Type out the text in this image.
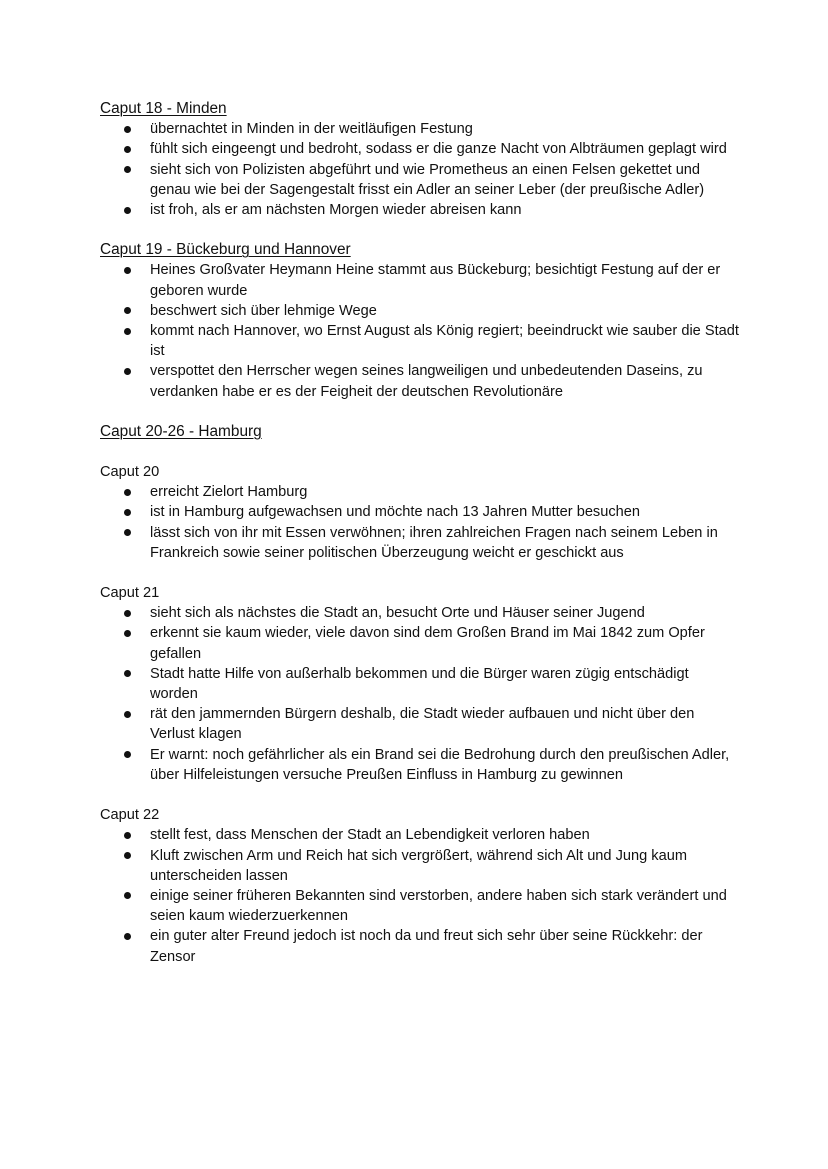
Caput 18 - Minden
übernachtet in Minden in der weitläufigen Festung
fühlt sich eingeengt und bedroht, sodass er die ganze Nacht von Albträumen geplagt wird
sieht sich von Polizisten abgeführt und wie Prometheus an einen Felsen gekettet und genau wie bei der Sagengestalt frisst ein Adler an seiner Leber (der preußische Adler)
ist froh, als er am nächsten Morgen wieder abreisen kann
Caput 19 - Bückeburg und Hannover
Heines Großvater Heymann Heine stammt aus Bückeburg; besichtigt Festung auf der er geboren wurde
beschwert sich über lehmige Wege
kommt nach Hannover, wo Ernst August als König regiert; beeindruckt wie sauber die Stadt ist
verspottet den Herrscher wegen seines langweiligen und unbedeutenden Daseins, zu verdanken habe er es der Feigheit der deutschen Revolutionäre
Caput 20-26 - Hamburg
Caput 20
erreicht Zielort Hamburg
ist in Hamburg aufgewachsen und möchte nach 13 Jahren Mutter besuchen
lässt sich von ihr mit Essen verwöhnen; ihren zahlreichen Fragen nach seinem Leben in Frankreich sowie seiner politischen Überzeugung weicht er geschickt aus
Caput 21
sieht sich als nächstes die Stadt an, besucht Orte und Häuser seiner Jugend
erkennt sie kaum wieder, viele davon sind dem Großen Brand im Mai 1842 zum Opfer gefallen
Stadt hatte Hilfe von außerhalb bekommen und die Bürger waren zügig entschädigt worden
rät den jammernden Bürgern deshalb, die Stadt wieder aufbauen und nicht über den Verlust klagen
Er warnt: noch gefährlicher als ein Brand sei die Bedrohung durch den preußischen Adler, über Hilfeleistungen versuche Preußen Einfluss in Hamburg zu gewinnen
Caput 22
stellt fest, dass Menschen der Stadt an Lebendigkeit verloren haben
Kluft zwischen Arm und Reich hat sich vergrößert, während sich Alt und Jung kaum unterscheiden lassen
einige seiner früheren Bekannten sind verstorben, andere haben sich stark verändert und seien kaum wiederzuerkennen
ein guter alter Freund jedoch ist noch da und freut sich sehr über seine Rückkehr: der Zensor
